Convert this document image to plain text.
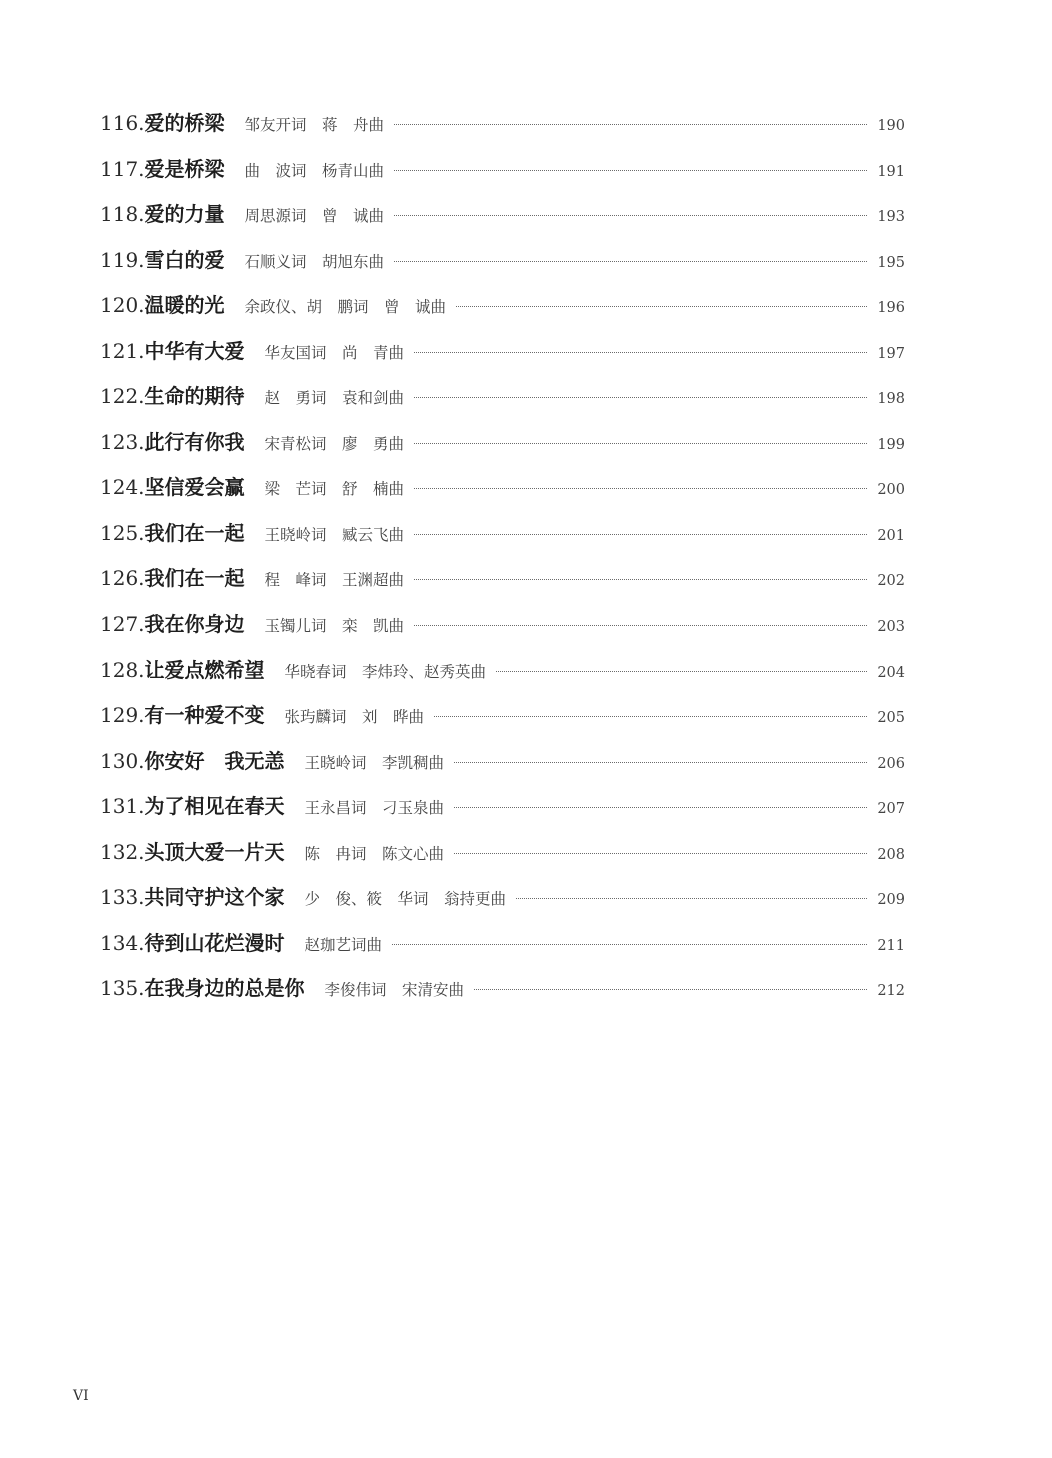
116. 爱的桥梁 邹友开词　蒋　舟曲	190
117. 爱是桥梁 曲　波词　杨青山曲	191
118. 爱的力量 周思源词　曾　诚曲	193
119. 雪白的爱 石顺义词　胡旭东曲	195
120. 温暖的光 余政仪、胡　鹏词　曾　诚曲	196
121. 中华有大爱 华友国词　尚　青曲	197
122. 生命的期待 赵　勇词　袁和剑曲	198
123. 此行有你我 宋青松词　廖　勇曲	199
124. 坚信爱会赢 梁　芒词　舒　楠曲	200
125. 我们在一起 王晓岭词　臧云飞曲	201
126. 我们在一起 程　峰词　王渊超曲	202
127. 我在你身边 玉镯儿词　栾　凯曲	203
128. 让爱点燃希望 华晓春词　李炜玲、赵秀英曲	204
129. 有一种爱不变 张玙麟词　刘　晔曲	205
130. 你安好　我无恙 王晓岭词　李凯稠曲	206
131. 为了相见在春天 王永昌词　刁玉泉曲	207
132. 头顶大爱一片天 陈　冉词　陈文心曲	208
133. 共同守护这个家 少　俊、筱　华词　翁持更曲	209
134. 待到山花烂漫时 赵珈艺词曲	211
135. 在我身边的总是你 李俊伟词　宋清安曲	212
VI
